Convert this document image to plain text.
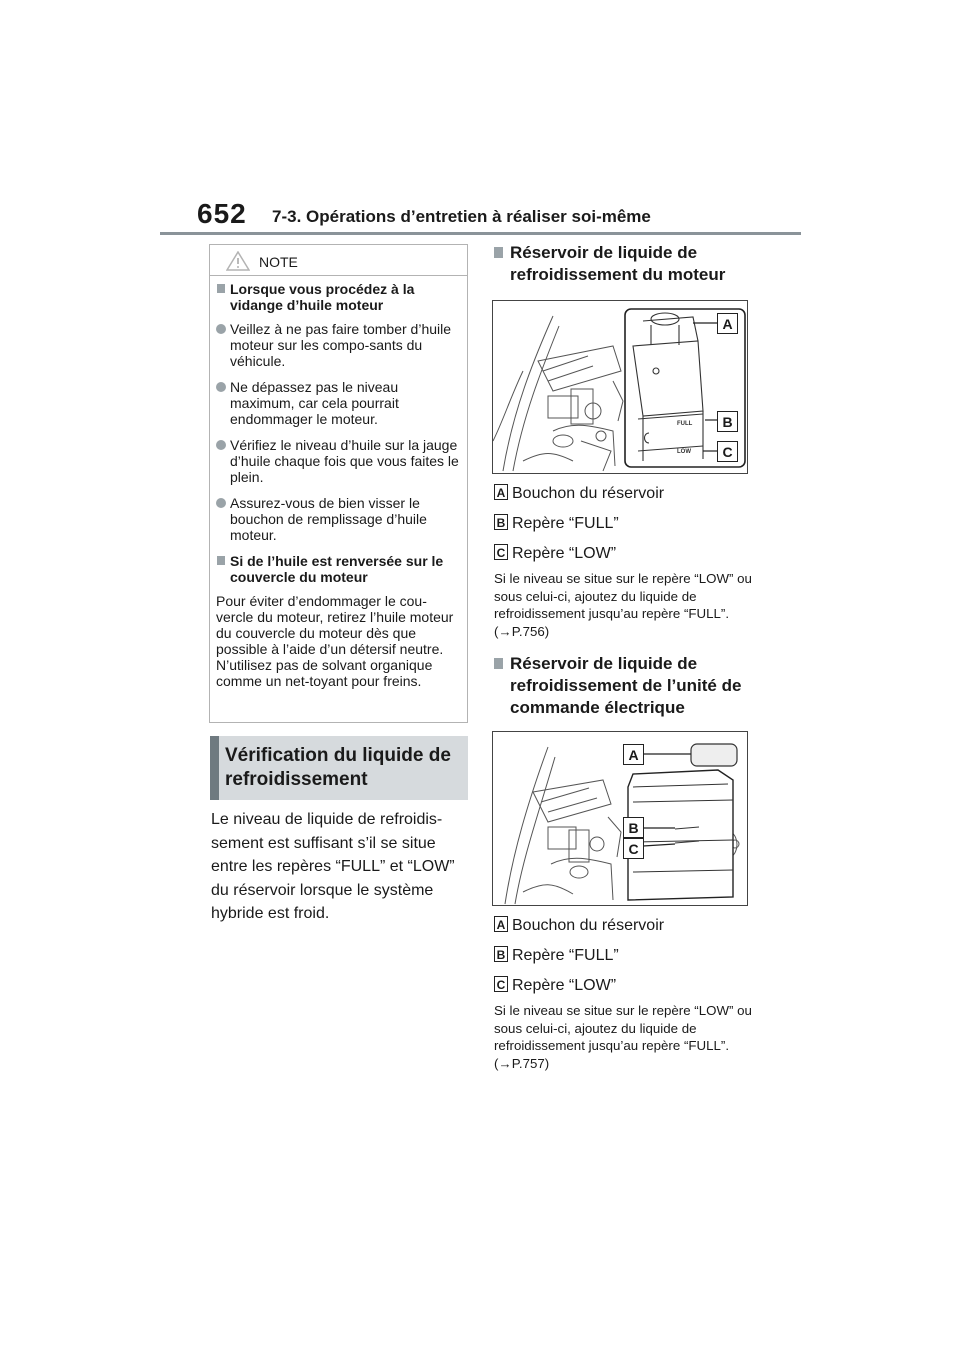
652 7-3. Opérations d’entretien à réaliser soi-même
NOTE
Lorsque vous procédez à la vidange d’huile moteur
Veillez à ne pas faire tomber d’huile moteur sur les compo-sants du véhicule.
Ne dépassez pas le niveau maximum, car cela pourrait endommager le moteur.
Vérifiez le niveau d’huile sur la jauge d’huile chaque fois que vous faites le plein.
Assurez-vous de bien visser le bouchon de remplissage d’huile moteur.
Si de l’huile est renversée sur le couvercle du moteur
Pour éviter d’endommager le cou-vercle du moteur, retirez l’huile moteur du couvercle du moteur dès que possible à l’aide d’un détersif neutre. N’utilisez pas de solvant organique comme un net-toyant pour freins.
Vérification du liquide de refroidissement
Le niveau de liquide de refroidis-sement est suffisant s’il se situe entre les repères “FULL” et “LOW” du réservoir lorsque le système hybride est froid.
Réservoir de liquide de refroidissement du moteur
FULL
LOW
A
B
C
A Bouchon du réservoir
B Repère “FULL”
C Repère “LOW”
Si le niveau se situe sur le repère “LOW” ou sous celui-ci, ajoutez du liquide de refroidissement jusqu’au repère “FULL”. (→P.756)
Réservoir de liquide de refroidissement de l’unité de commande électrique
A
B
C
A Bouchon du réservoir
B Repère “FULL”
C Repère “LOW”
Si le niveau se situe sur le repère “LOW” ou sous celui-ci, ajoutez du liquide de refroidissement jusqu’au repère “FULL”. (→P.757)
